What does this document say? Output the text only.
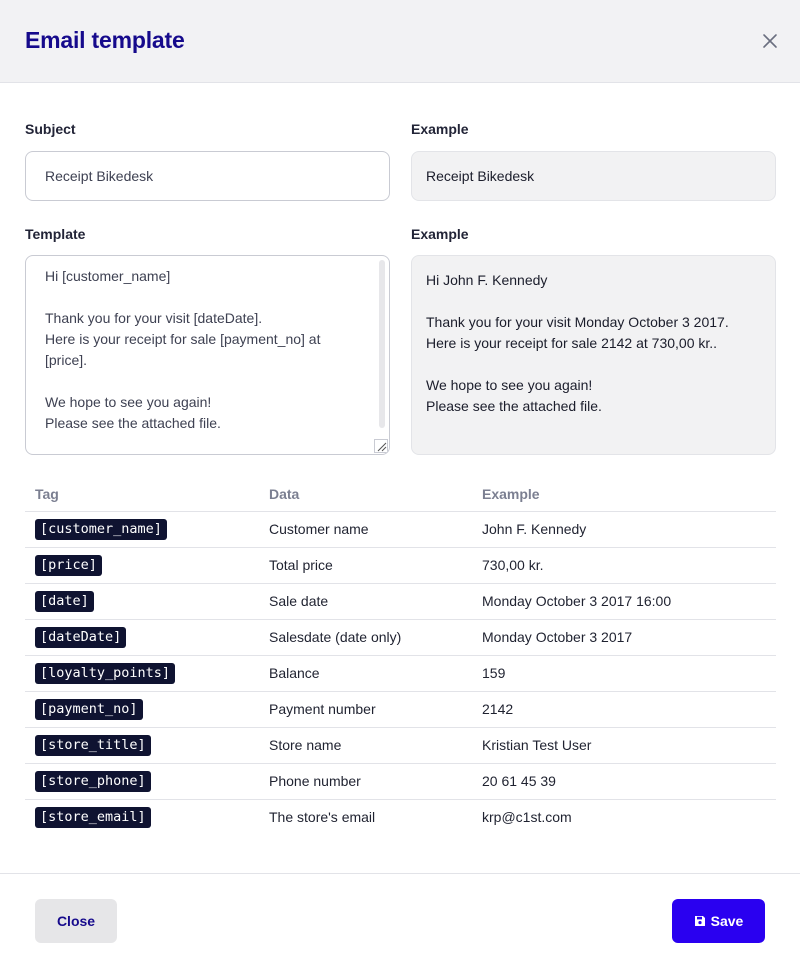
Email template
Subject	Example
Receipt Bikedesk	Receipt Bikedesk
Template	Example
Hi [customer_name]

Thank you for your visit [dateDate].
Here is your receipt for sale [payment_no] at
[price].

We hope to see you again!
Please see the attached file.
Hi John F. Kennedy

Thank you for your visit Monday October 3 2017.
Here is your receipt for sale 2142 at 730,00 kr..

We hope to see you again!
Please see the attached file.
Tag	Data	Example
[customer_name]	Customer name	John F. Kennedy
[price]	Total price	730,00 kr.
[date]	Sale date	Monday October 3 2017 16:00
[dateDate]	Salesdate (date only)	Monday October 3 2017
[loyalty_points]	Balance	159
[payment_no]	Payment number	2142
[store_title]	Store name	Kristian Test User
[store_phone]	Phone number	20 61 45 39
[store_email]	The store's email	krp@c1st.com
Close	Save
